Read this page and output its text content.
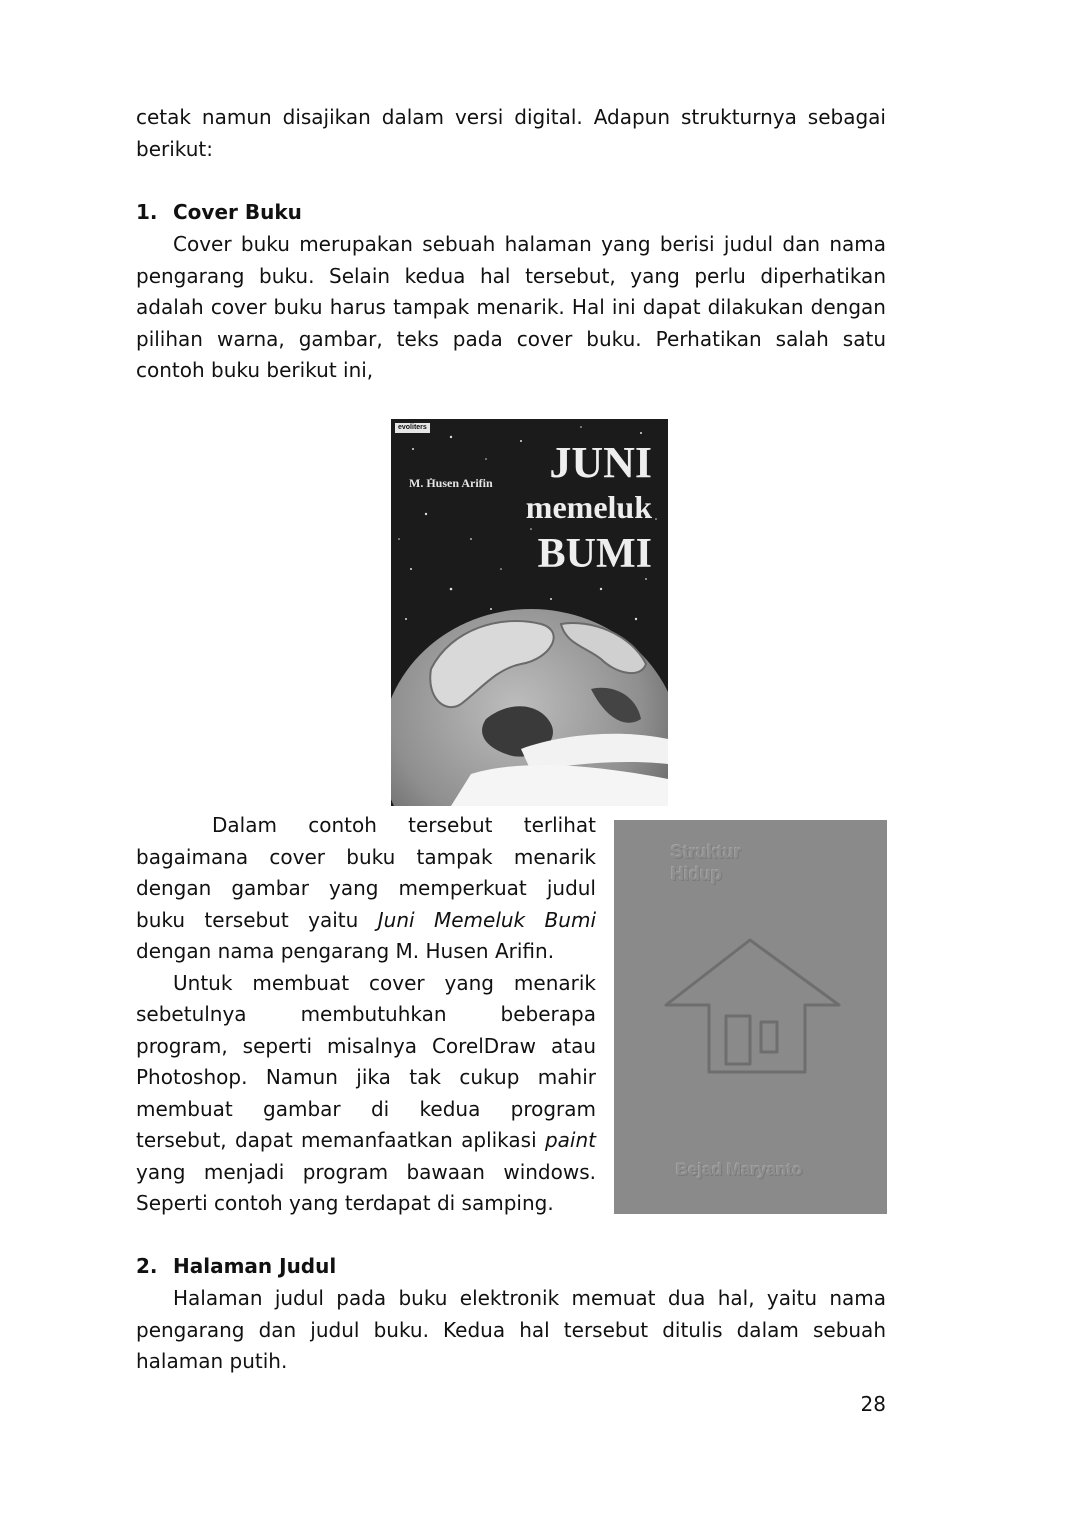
cetak namun disajikan dalam versi digital. Adapun strukturnya sebagai berikut:

1. Cover Buku

Cover buku merupakan sebuah halaman yang berisi judul dan nama pengarang buku. Selain kedua hal tersebut, yang perlu diperhatikan adalah cover buku harus tampak menarik. Hal ini dapat dilakukan dengan pilihan warna, gambar, teks pada cover buku. Perhatikan salah satu contoh buku berikut ini,

evoliters
M. Husen Arifin JUNI
memeluk
BUMI

Dalam contoh tersebut terlihat bagaimana cover buku tampak menarik dengan gambar yang memperkuat judul buku tersebut yaitu Juni Memeluk Bumi dengan nama pengarang M. Husen Arifin.

Untuk membuat cover yang menarik sebetulnya membutuhkan beberapa program, seperti misalnya CorelDraw atau Photoshop. Namun jika tak cukup mahir membuat gambar di kedua program tersebut, dapat memanfaatkan aplikasi paint yang menjadi program bawaan windows. Seperti contoh yang terdapat di samping.

Struktur
Hidup
Bejad Maryanto
2. Halaman Judul

Halaman judul pada buku elektronik memuat dua hal, yaitu nama pengarang dan judul buku. Kedua hal tersebut ditulis dalam sebuah halaman putih.

28
